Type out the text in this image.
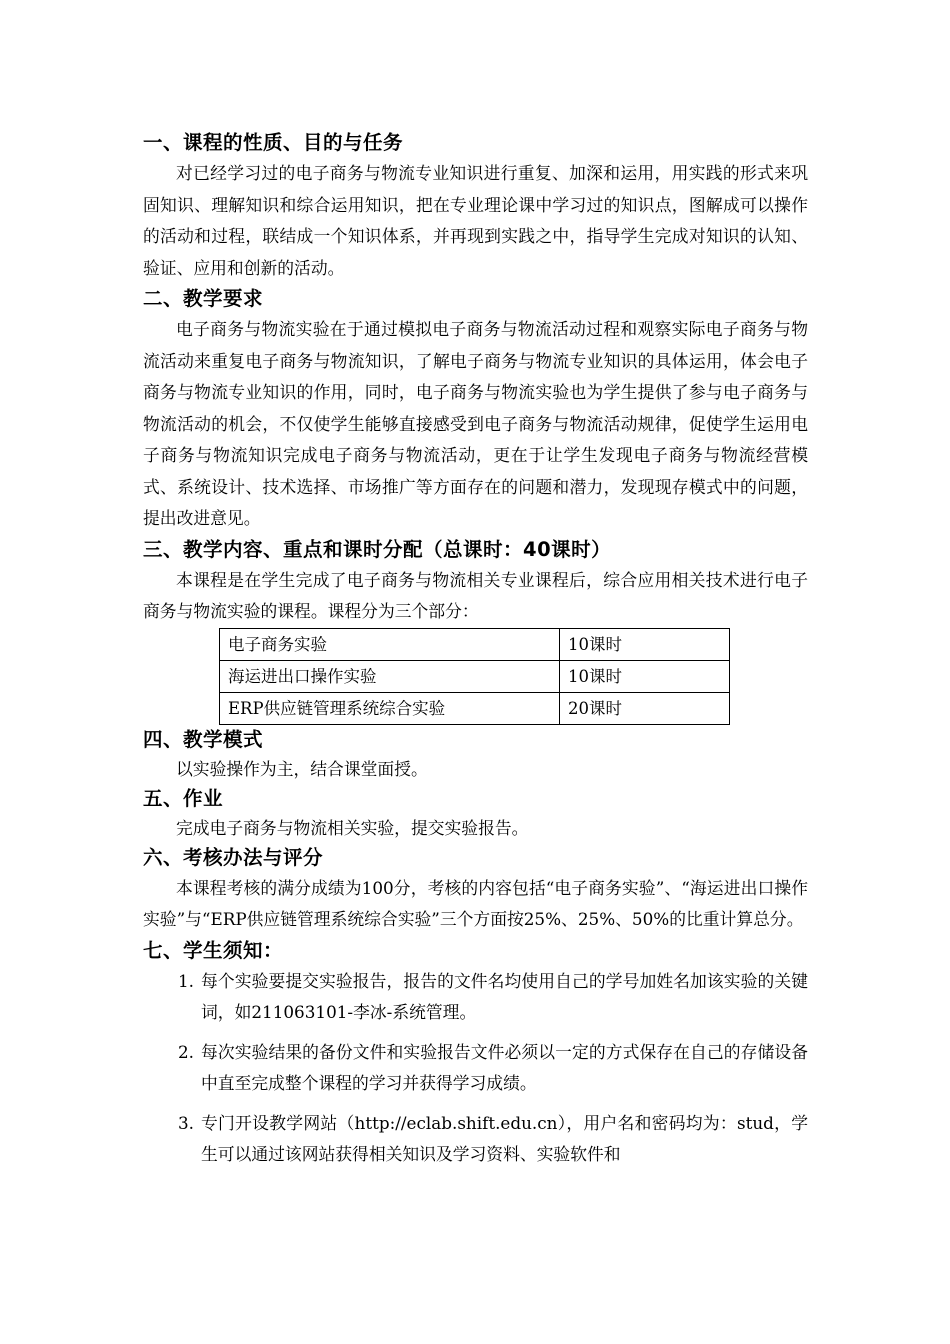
一、课程的性质、目的与任务

对已经学习过的电子商务与物流专业知识进行重复、加深和运用，用实践的形式来巩固知识、理解知识和综合运用知识，把在专业理论课中学习过的知识点，图解成可以操作的活动和过程，联结成一个知识体系，并再现到实践之中，指导学生完成对知识的认知、验证、应用和创新的活动。

二、教学要求

电子商务与物流实验在于通过模拟电子商务与物流活动过程和观察实际电子商务与物流活动来重复电子商务与物流知识，了解电子商务与物流专业知识的具体运用，体会电子商务与物流专业知识的作用，同时，电子商务与物流实验也为学生提供了参与电子商务与物流活动的机会，不仅使学生能够直接感受到电子商务与物流活动规律，促使学生运用电子商务与物流知识完成电子商务与物流活动，更在于让学生发现电子商务与物流经营模式、系统设计、技术选择、市场推广等方面存在的问题和潜力，发现现存模式中的问题，提出改进意见。

三、教学内容、重点和课时分配（总课时：40课时）

本课程是在学生完成了电子商务与物流相关专业课程后，综合应用相关技术进行电子商务与物流实验的课程。课程分为三个部分：

电子商务实验	10课时
海运进出口操作实验	10课时
ERP供应链管理系统综合实验	20课时
四、教学模式

以实验操作为主，结合课堂面授。

五、作业

完成电子商务与物流相关实验，提交实验报告。

六、考核办法与评分

本课程考核的满分成绩为100分，考核的内容包括“电子商务实验”、“海运进出口操作实验”与“ERP供应链管理系统综合实验”三个方面按25%、25%、50%的比重计算总分。

七、学生须知：
1. 每个实验要提交实验报告，报告的文件名均使用自己的学号加姓名加该实验的关键词，如211063101-李冰-系统管理。
2. 每次实验结果的备份文件和实验报告文件必须以一定的方式保存在自己的存储设备中直至完成整个课程的学习并获得学习成绩。
3. 专门开设教学网站（http://eclab.shift.edu.cn），用户名和密码均为：stud，学生可以通过该网站获得相关知识及学习资料、实验软件和
